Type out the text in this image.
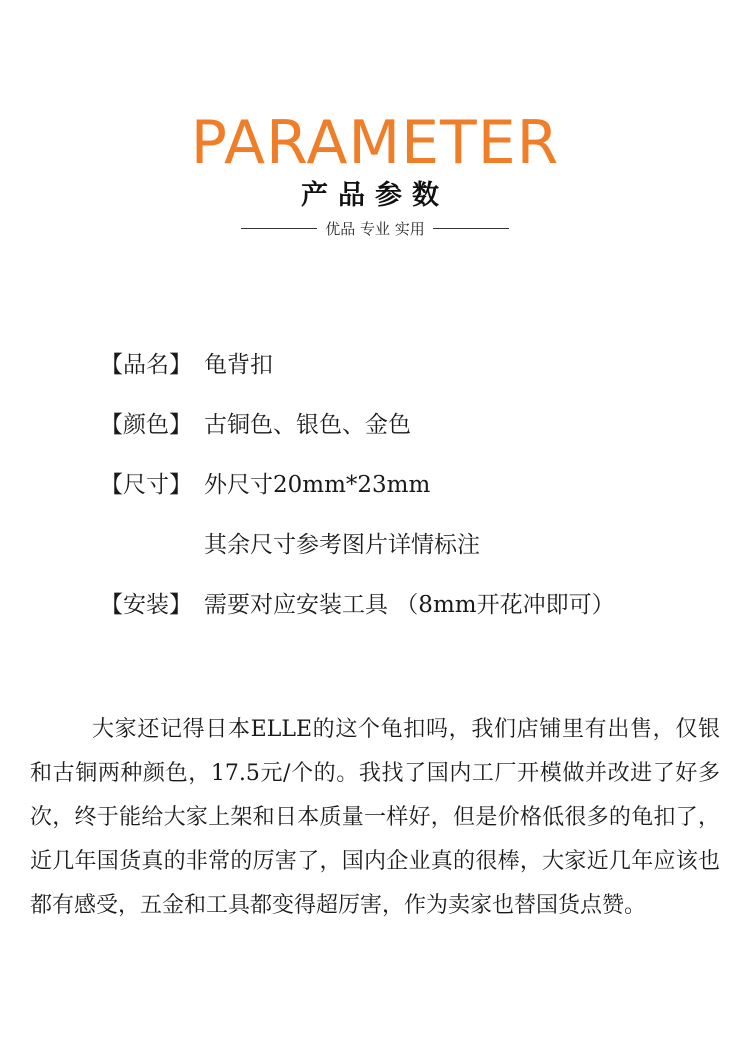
PARAMETER
产品参数
优品 专业 实用
【品名】 龟背扣
【颜色】 古铜色、银色、金色
【尺寸】 外尺寸20mm*23mm
其余尺寸参考图片详情标注
【安装】 需要对应安装工具 （8mm开花冲即可）

大家还记得日本ELLE的这个龟扣吗，我们店铺里有出售，仅银和古铜两种颜色，17.5元/个的。我找了国内工厂开模做并改进了好多次，终于能给大家上架和日本质量一样好，但是价格低很多的龟扣了，近几年国货真的非常的厉害了，国内企业真的很棒，大家近几年应该也都有感受，五金和工具都变得超厉害，作为卖家也替国货点赞。
